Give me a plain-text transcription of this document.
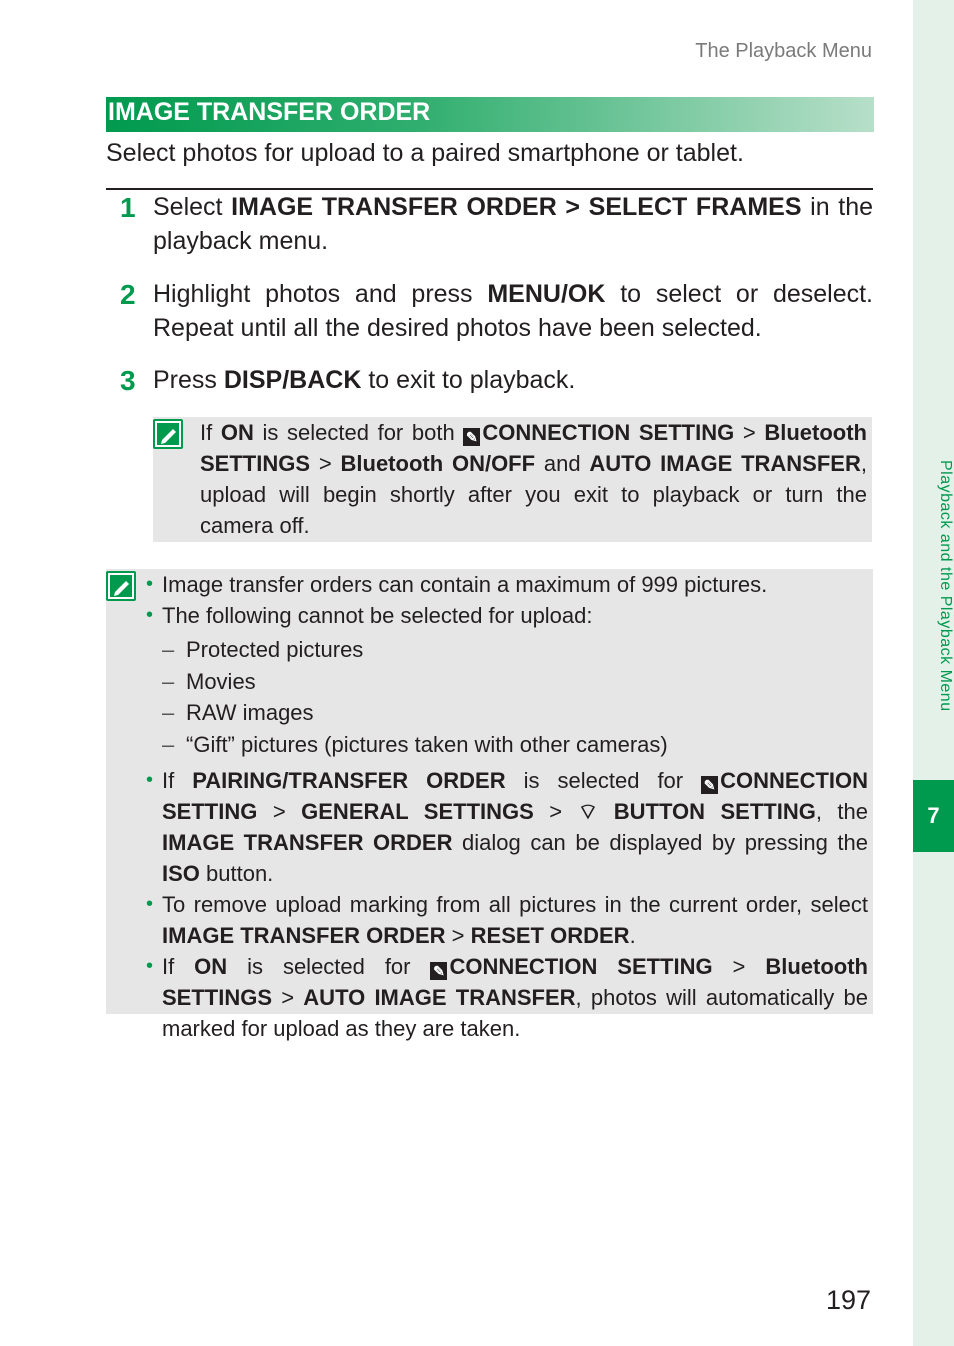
The Playback Menu
IMAGE TRANSFER ORDER
Select photos for upload to a paired smartphone or tablet.
1 Select IMAGE TRANSFER ORDER > SELECT FRAMES in the playback menu.
2 Highlight photos and press MENU/OK to select or deselect. Repeat until all the desired photos have been selected.
3 Press DISP/BACK to exit to playback.
If ON is selected for both ✎ CONNECTION SETTING > Bluetooth SETTINGS > Bluetooth ON/OFF and AUTO IMAGE TRANSFER, upload will begin shortly after you exit to playback or turn the camera off.
• Image transfer orders can contain a maximum of 999 pictures.
• The following cannot be selected for upload:
– Protected pictures
– Movies
– RAW images
– “Gift” pictures (pictures taken with other cameras)
• If PAIRING/TRANSFER ORDER is selected for ✎ CONNECTION SETTING > GENERAL SETTINGS > ⌔ BUTTON SETTING, the IMAGE TRANSFER ORDER dialog can be displayed by pressing the ISO button.
• To remove upload marking from all pictures in the current order, select IMAGE TRANSFER ORDER > RESET ORDER.
• If ON is selected for ✎ CONNECTION SETTING > Bluetooth SETTINGS > AUTO IMAGE TRANSFER, photos will automatically be marked for upload as they are taken.
Playback and the Playback Menu
7
197
